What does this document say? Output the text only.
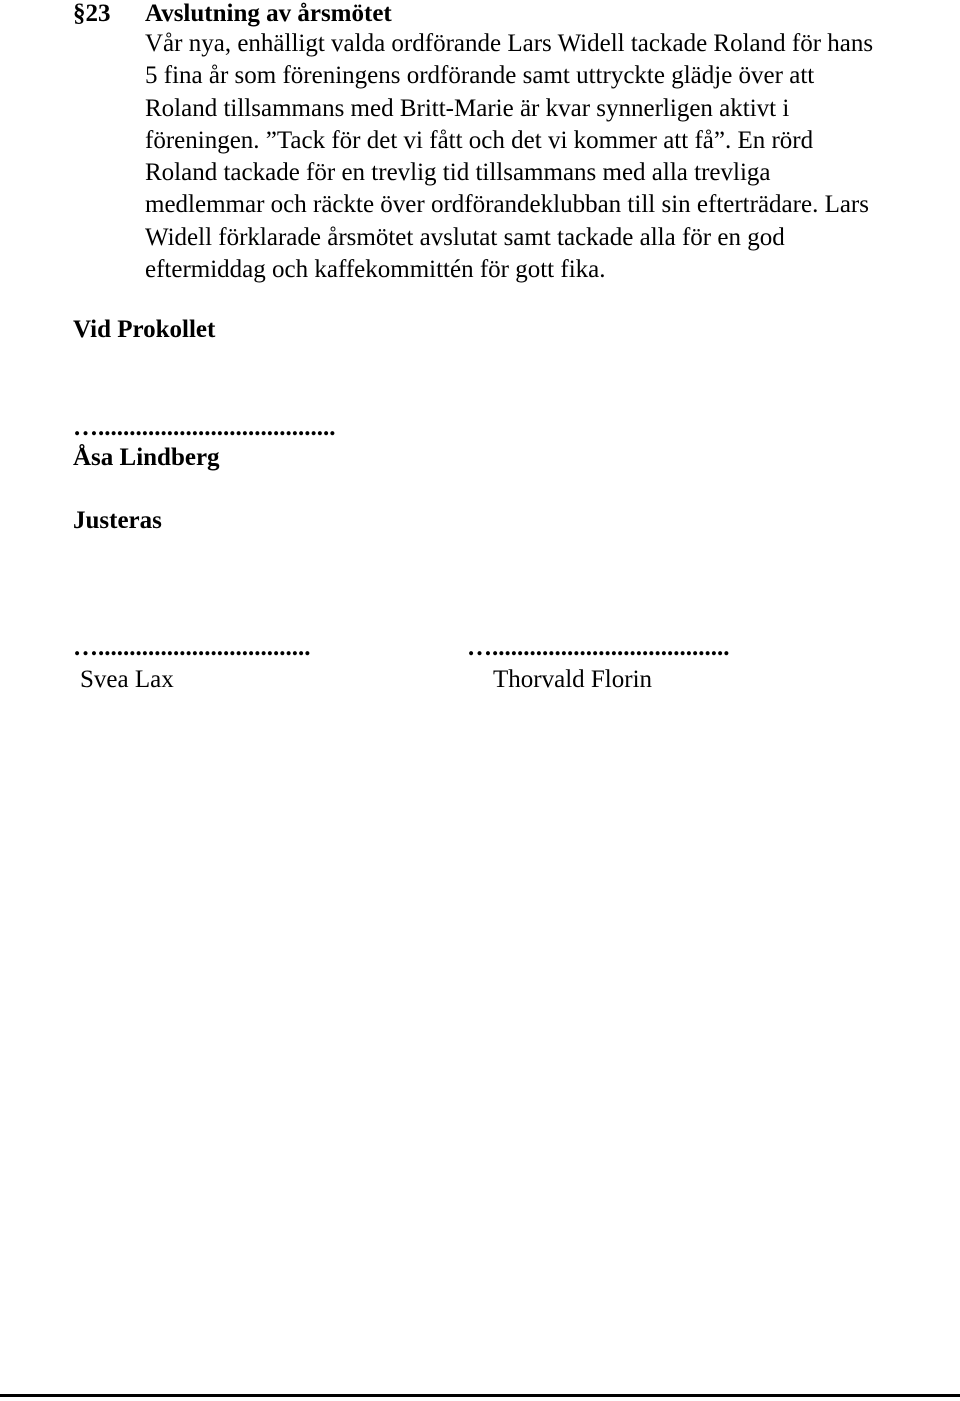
§23 Avslutning av årsmötet
Vår nya, enhälligt valda ordförande Lars Widell tackade Roland för hans
5 fina år som föreningens ordförande samt uttryckte glädje över att
Roland tillsammans med Britt-Marie är kvar synnerligen aktivt i
föreningen. ”Tack för det vi fått och det vi kommer att få”. En rörd
Roland tackade för en trevlig tid tillsammans med alla trevliga
medlemmar och räckte över ordförandeklubban till sin efterträdare. Lars
Widell förklarade årsmötet avslutat samt tackade alla för en god
eftermiddag och kaffekommittén för gott fika.
Vid Prokollet
…......................................
Åsa Lindberg
Justeras
…..................................
Svea Lax
…......................................
Thorvald Florin
